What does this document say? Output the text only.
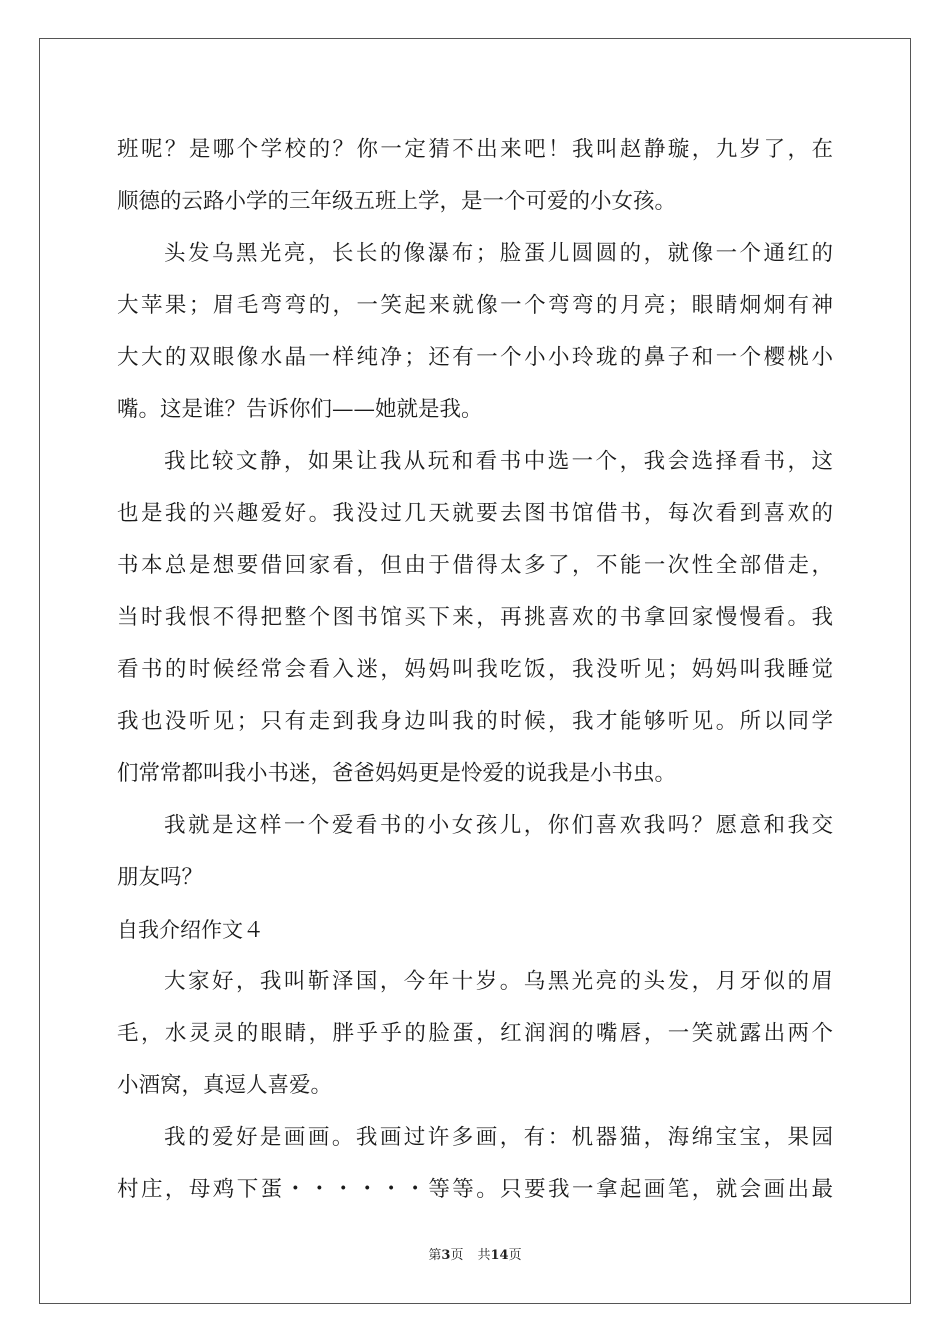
班呢？是哪个学校的？你一定猜不出来吧！我叫赵静璇，九岁了，在
顺德的云路小学的三年级五班上学，是一个可爱的小女孩。
头发乌黑光亮，长长的像瀑布；脸蛋儿圆圆的，就像一个通红的
大苹果；眉毛弯弯的，一笑起来就像一个弯弯的月亮；眼睛炯炯有神
大大的双眼像水晶一样纯净；还有一个小小玲珑的鼻子和一个樱桃小
嘴。这是谁？告诉你们——她就是我。
我比较文静，如果让我从玩和看书中选一个，我会选择看书，这
也是我的兴趣爱好。我没过几天就要去图书馆借书，每次看到喜欢的
书本总是想要借回家看，但由于借得太多了，不能一次性全部借走，
当时我恨不得把整个图书馆买下来，再挑喜欢的书拿回家慢慢看。我
看书的时候经常会看入迷，妈妈叫我吃饭，我没听见；妈妈叫我睡觉
我也没听见；只有走到我身边叫我的时候，我才能够听见。所以同学
们常常都叫我小书迷，爸爸妈妈更是怜爱的说我是小书虫。
我就是这样一个爱看书的小女孩儿，你们喜欢我吗？愿意和我交
朋友吗？
自我介绍作文４
大家好，我叫靳泽国，今年十岁。乌黑光亮的头发，月牙似的眉
毛，水灵灵的眼睛，胖乎乎的脸蛋，红润润的嘴唇，一笑就露出两个
小酒窝，真逗人喜爱。
我的爱好是画画。我画过许多画，有：机器猫，海绵宝宝，果园
村庄，母鸡下蛋・・・・・・等等。只要我一拿起画笔，就会画出最
第3页 共14页
